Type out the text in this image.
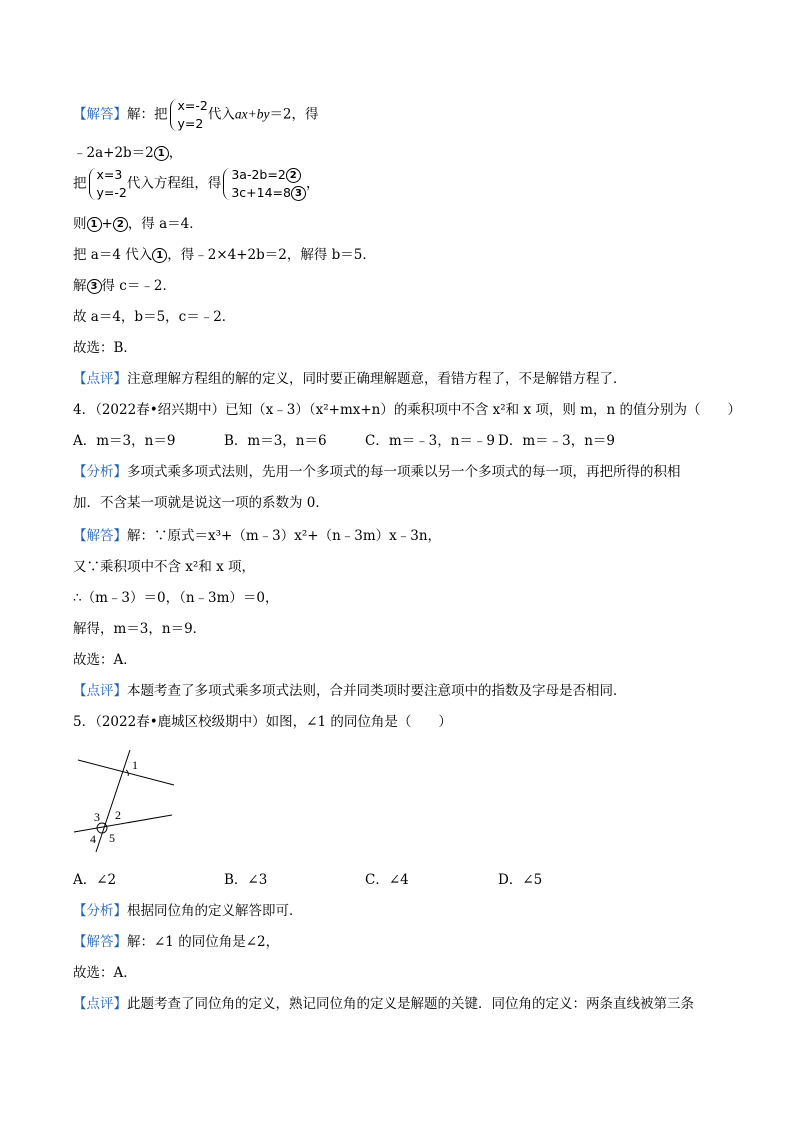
【解答】解：把
x=-2
y=2
代入ax+by＝2，得
﹣2a+2b＝2 1 ，
把
x=3
y=-2
代入方程组，得
3a-2b=2 2
3c+14=8 3
，
则 1 + 2 ，得 a＝4．
把 a＝4 代入 1 ，得﹣2×4+2b＝2，解得 b＝5．
解 3 得 c＝﹣2．
故 a＝4，b＝5，c＝﹣2．
故选：B．
【点评】注意理解方程组的解的定义，同时要正确理解题意，看错方程了，不是解错方程了．
4．（2022春•绍兴期中）已知（x﹣3）（x²+mx+n）的乘积项中不含 x²和 x 项，则 m，n 的值分别为（　　）
A．m＝3，n＝9	B．m＝3，n＝6	C．m＝﹣3，n＝﹣9 D．m＝﹣3，n＝9
【分析】多项式乘多项式法则，先用一个多项式的每一项乘以另一个多项式的每一项，再把所得的积相
加．不含某一项就是说这一项的系数为 0．
【解答】解：∵原式＝x³+（m﹣3）x²+（n﹣3m）x﹣3n，
又∵乘积项中不含 x²和 x 项，
∴（m﹣3）＝0，（n﹣3m）＝0，
解得，m＝3，n＝9．
故选：A．
【点评】本题考查了多项式乘多项式法则，合并同类项时要注意项中的指数及字母是否相同．
5．（2022春•鹿城区校级期中）如图，∠1 的同位角是（　　）
1
3 2
4 5
A．∠2	B．∠3	C．∠4	D．∠5
【分析】根据同位角的定义解答即可．
【解答】解：∠1 的同位角是∠2，
故选：A．
【点评】此题考查了同位角的定义，熟记同位角的定义是解题的关键．同位角的定义：两条直线被第三条
